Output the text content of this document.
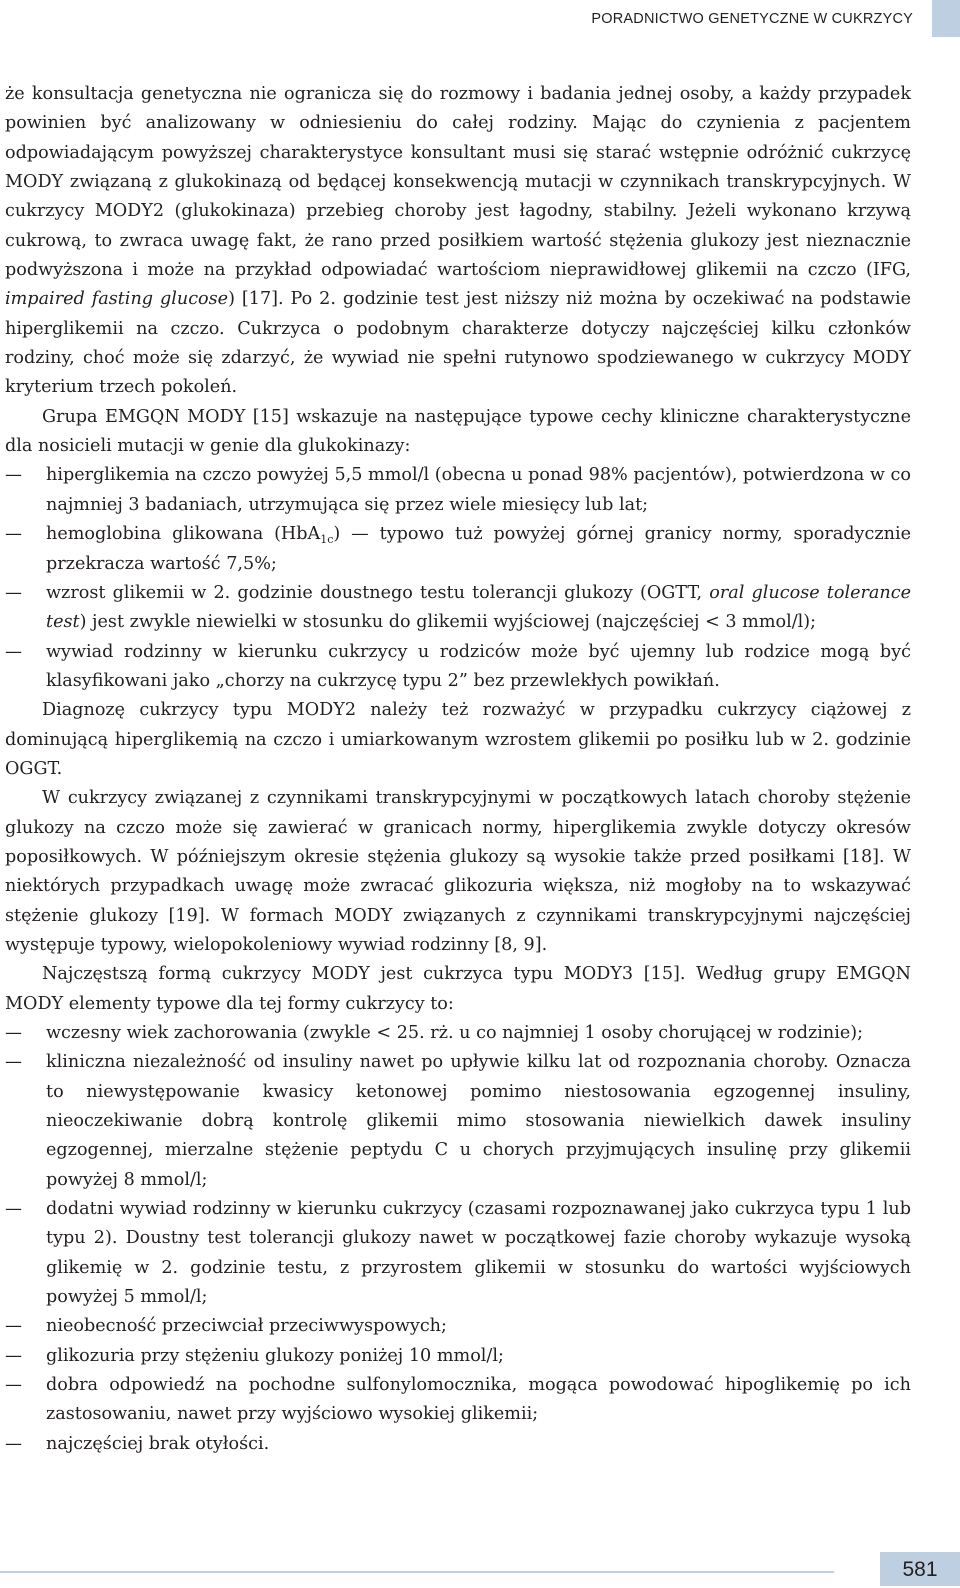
PORADNICTWO GENETYCZNE W CUKRZYCY

że konsultacja genetyczna nie ogranicza się do rozmowy i badania jednej osoby, a każdy przypadek powinien być analizowany w odniesieniu do całej rodziny. Mając do czynienia z pacjentem odpowiadającym powyższej charakterystyce konsultant musi się starać wstępnie odróżnić cukrzycę MODY związaną z glukokinazą od będącej konsekwencją mutacji w czynnikach transkrypcyjnych. W cukrzycy MODY2 (glukokinaza) przebieg choroby jest łagodny, stabilny. Jeżeli wykonano krzywą cukrową, to zwraca uwagę fakt, że rano przed posiłkiem wartość stężenia glukozy jest nieznacznie podwyższona i może na przykład odpowiadać wartościom nieprawidłowej glikemii na czczo (IFG, impaired fasting glucose) [17]. Po 2. godzinie test jest niższy niż można by oczekiwać na podstawie hiperglikemii na czczo. Cukrzyca o podobnym charakterze dotyczy najczęściej kilku członków rodziny, choć może się zdarzyć, że wywiad nie spełni rutynowo spodziewanego w cukrzycy MODY kryterium trzech pokoleń.

Grupa EMGQN MODY [15] wskazuje na następujące typowe cechy kliniczne charakterystyczne dla nosicieli mutacji w genie dla glukokinazy:

— hiperglikemia na czczo powyżej 5,5 mmol/l (obecna u ponad 98% pacjentów), potwierdzona w co najmniej 3 badaniach, utrzymująca się przez wiele miesięcy lub lat;
— hemoglobina glikowana (HbA$_{1c}$) — typowo tuż powyżej górnej granicy normy, sporadycznie przekracza wartość 7,5%;
— wzrost glikemii w 2. godzinie doustnego testu tolerancji glukozy (OGTT, oral glucose tolerance test) jest zwykle niewielki w stosunku do glikemii wyjściowej (najczęściej < 3 mmol/l);
— wywiad rodzinny w kierunku cukrzycy u rodziców może być ujemny lub rodzice mogą być klasyfikowani jako „chorzy na cukrzycę typu 2” bez przewlekłych powikłań.

Diagnozę cukrzycy typu MODY2 należy też rozważyć w przypadku cukrzycy ciążowej z dominującą hiperglikemią na czczo i umiarkowanym wzrostem glikemii po posiłku lub w 2. godzinie OGGT.

W cukrzycy związanej z czynnikami transkrypcyjnymi w początkowych latach choroby stężenie glukozy na czczo może się zawierać w granicach normy, hiperglikemia zwykle dotyczy okresów poposiłkowych. W późniejszym okresie stężenia glukozy są wysokie także przed posiłkami [18]. W niektórych przypadkach uwagę może zwracać glikozuria większa, niż mogłoby na to wskazywać stężenie glukozy [19]. W formach MODY związanych z czynnikami transkrypcyjnymi najczęściej występuje typowy, wielopokoleniowy wywiad rodzinny [8, 9].

Najczęstszą formą cukrzycy MODY jest cukrzyca typu MODY3 [15]. Według grupy EMGQN MODY elementy typowe dla tej formy cukrzycy to:

— wczesny wiek zachorowania (zwykle < 25. rż. u co najmniej 1 osoby chorującej w rodzinie);
— kliniczna niezależność od insuliny nawet po upływie kilku lat od rozpoznania choroby. Oznacza to niewystępowanie kwasicy ketonowej pomimo niestosowania egzogennej insuliny, nieoczekiwanie dobrą kontrolę glikemii mimo stosowania niewielkich dawek insuliny egzogennej, mierzalne stężenie peptydu C u chorych przyjmujących insulinę przy glikemii powyżej 8 mmol/l;
— dodatni wywiad rodzinny w kierunku cukrzycy (czasami rozpoznawanej jako cukrzyca typu 1 lub typu 2). Doustny test tolerancji glukozy nawet w początkowej fazie choroby wykazuje wysoką glikemię w 2. godzinie testu, z przyrostem glikemii w stosunku do wartości wyjściowych powyżej 5 mmol/l;
— nieobecność przeciwciał przeciwwyspowych;
— glikozuria przy stężeniu glukozy poniżej 10 mmol/l;
— dobra odpowiedź na pochodne sulfonylomocznika, mogąca powodować hipoglikemię po ich zastosowaniu, nawet przy wyjściowo wysokiej glikemii;
— najczęściej brak otyłości.
581
